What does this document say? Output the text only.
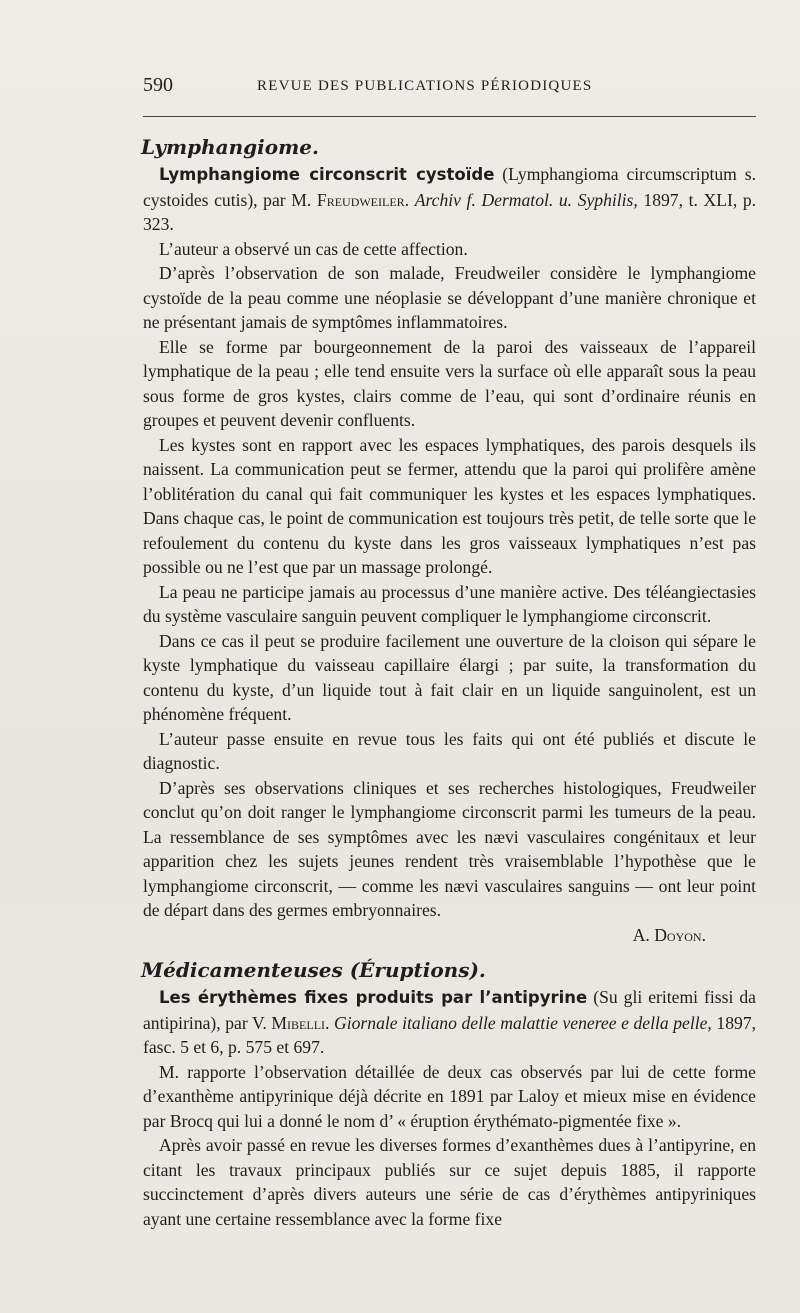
590	REVUE DES PUBLICATIONS PÉRIODIQUES
Lymphangiome.

Lymphangiome circonscrit cystoïde (Lymphangioma circumscriptum s. cystoides cutis), par M. Freudweiler. Archiv f. Dermatol. u. Syphilis, 1897, t. XLI, p. 323.

L’auteur a observé un cas de cette affection.

D’après l’observation de son malade, Freudweiler considère le lymphangiome cystoïde de la peau comme une néoplasie se développant d’une manière chronique et ne présentant jamais de symptômes inflammatoires.

Elle se forme par bourgeonnement de la paroi des vaisseaux de l’appareil lymphatique de la peau ; elle tend ensuite vers la surface où elle apparaît sous la peau sous forme de gros kystes, clairs comme de l’eau, qui sont d’ordinaire réunis en groupes et peuvent devenir confluents.

Les kystes sont en rapport avec les espaces lymphatiques, des parois desquels ils naissent. La communication peut se fermer, attendu que la paroi qui prolifère amène l’oblitération du canal qui fait communiquer les kystes et les espaces lymphatiques. Dans chaque cas, le point de communication est toujours très petit, de telle sorte que le refoulement du contenu du kyste dans les gros vaisseaux lymphatiques n’est pas possible ou ne l’est que par un massage prolongé.

La peau ne participe jamais au processus d’une manière active. Des téléangiectasies du système vasculaire sanguin peuvent compliquer le lymphangiome circonscrit.

Dans ce cas il peut se produire facilement une ouverture de la cloison qui sépare le kyste lymphatique du vaisseau capillaire élargi ; par suite, la transformation du contenu du kyste, d’un liquide tout à fait clair en un liquide sanguinolent, est un phénomène fréquent.

L’auteur passe ensuite en revue tous les faits qui ont été publiés et discute le diagnostic.

D’après ses observations cliniques et ses recherches histologiques, Freudweiler conclut qu’on doit ranger le lymphangiome circonscrit parmi les tumeurs de la peau. La ressemblance de ses symptômes avec les nævi vasculaires congénitaux et leur apparition chez les sujets jeunes rendent très vraisemblable l’hypothèse que le lymphangiome circonscrit, — comme les nævi vasculaires sanguins — ont leur point de départ dans des germes embryonnaires.

A. Doyon.

Médicamenteuses (Éruptions).

Les érythèmes fixes produits par l’antipyrine (Su gli eritemi fissi da antipirina), par V. Mibelli. Giornale italiano delle malattie veneree e della pelle, 1897, fasc. 5 et 6, p. 575 et 697.

M. rapporte l’observation détaillée de deux cas observés par lui de cette forme d’exanthème antipyrinique déjà décrite en 1891 par Laloy et mieux mise en évidence par Brocq qui lui a donné le nom d’ « éruption érythémato-pigmentée fixe ».

Après avoir passé en revue les diverses formes d’exanthèmes dues à l’antipyrine, en citant les travaux principaux publiés sur ce sujet depuis 1885, il rapporte succinctement d’après divers auteurs une série de cas d’érythèmes antipyriniques ayant une certaine ressemblance avec la forme fixe
